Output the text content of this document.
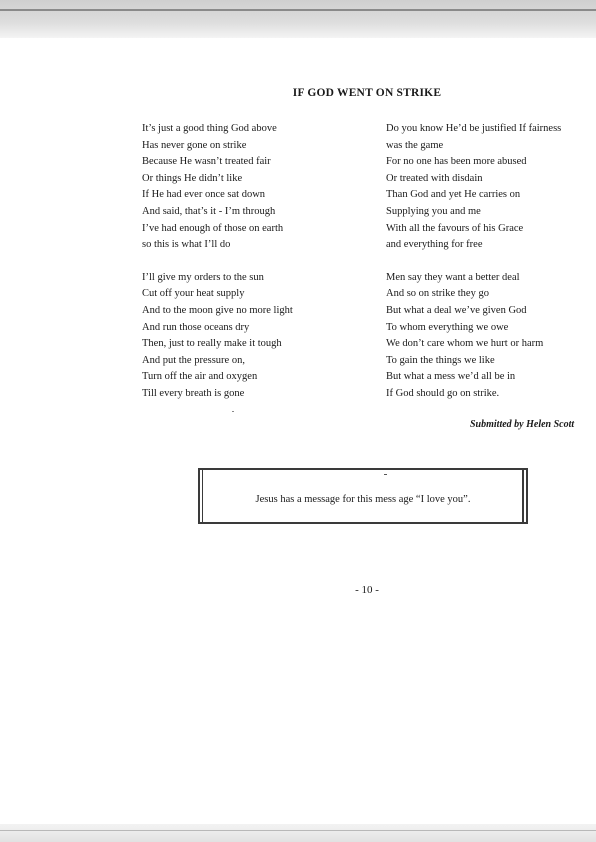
IF GOD WENT ON STRIKE
It’s just a good thing God above
Has never gone on strike
Because He wasn’t treated fair
Or things He didn’t like
If He had ever once sat down
And said, that’s it - I’m through
I’ve had enough of those on earth
so this is what I’ll do
I’ll give my orders to the sun
Cut off your heat supply
And to the moon give no more light
And run those oceans dry
Then, just to really make it tough
And put the pressure on,
Turn off the air and oxygen
Till every breath is gone
Do you know He’d be justified If fairness
was the game
For no one has been more abused
Or treated with disdain
Than God and yet He carries on
Supplying you and me
With all the favours of his Grace
and everything for free
Men say they want a better deal
And so on strike they go
But what a deal we’ve given God
To whom everything we owe
We don’t care whom we hurt or harm
To gain the things we like
But what a mess we’d all be in
If God should go on strike.
Submitted by Helen Scott
Jesus has a message for this mess age “I love you”.
- 10 -
